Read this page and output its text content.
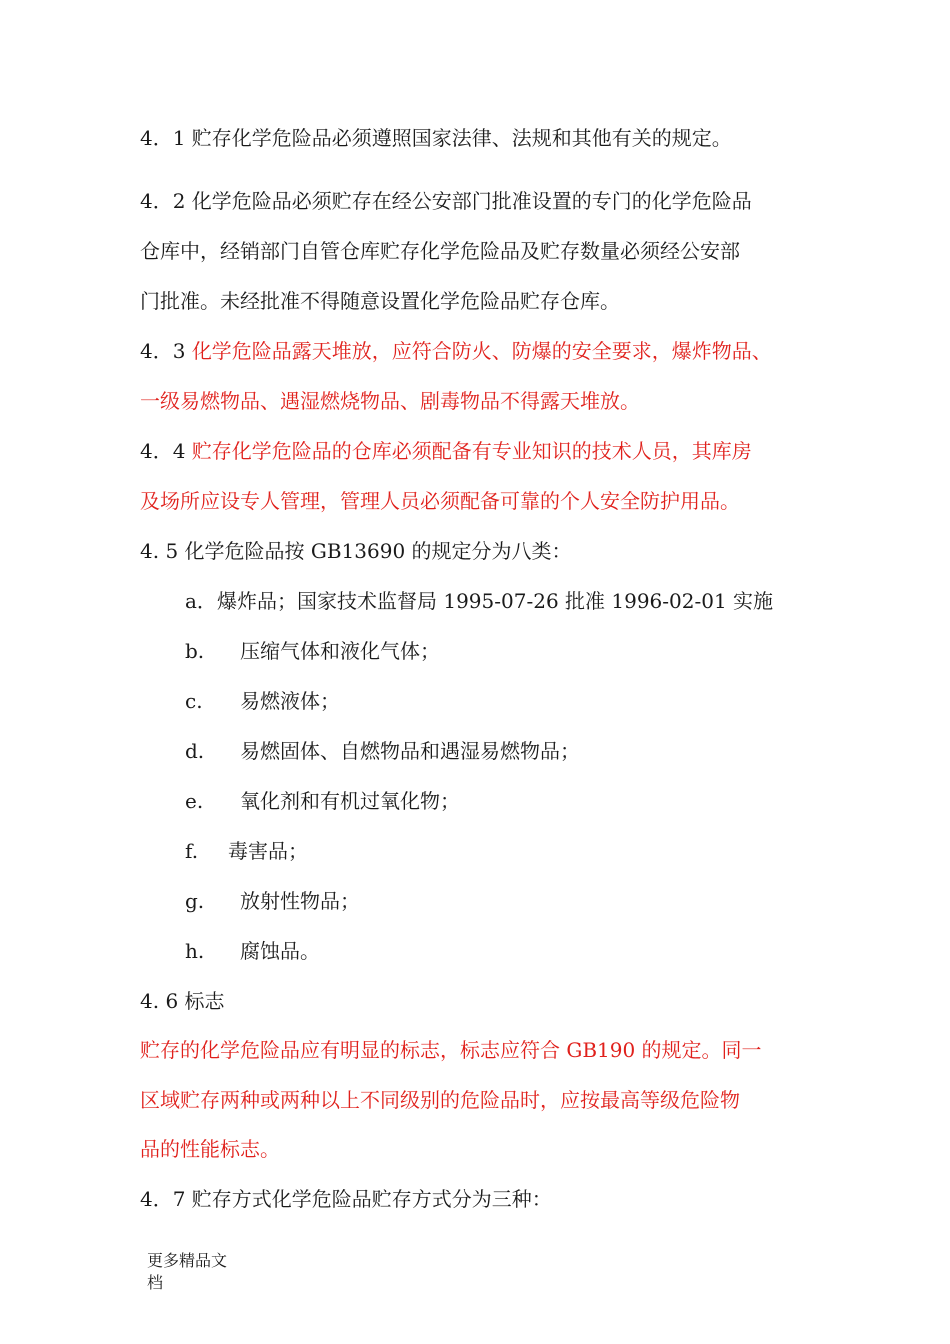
4．1 贮存化学危险品必须遵照国家法律、法规和其他有关的规定。
4．2 化学危险品必须贮存在经公安部门批准设置的专门的化学危险品
仓库中，经销部门自管仓库贮存化学危险品及贮存数量必须经公安部
门批准。未经批准不得随意设置化学危险品贮存仓库。
4．3 化学危险品露天堆放，应符合防火、防爆的安全要求，爆炸物品、
一级易燃物品、遇湿燃烧物品、剧毒物品不得露天堆放。
4．4 贮存化学危险品的仓库必须配备有专业知识的技术人员，其库房
及场所应设专人管理，管理人员必须配备可靠的个人安全防护用品。
4. 5 化学危险品按 GB13690 的规定分为八类：
a． 爆炸品；国家技术监督局 1995-07-26 批准 1996-02-01 实施
b. 压缩气体和液化气体；
c. 易燃液体；
d. 易燃固体、自燃物品和遇湿易燃物品；
e. 氧化剂和有机过氧化物；
f. 毒害品；
g. 放射性物品；
h. 腐蚀品。
4. 6 标志
贮存的化学危险品应有明显的标志，标志应符合 GB190 的规定。同一
区域贮存两种或两种以上不同级别的危险品时，应按最高等级危险物
品的性能标志。
4．7 贮存方式化学危险品贮存方式分为三种：
更多精品文
档
